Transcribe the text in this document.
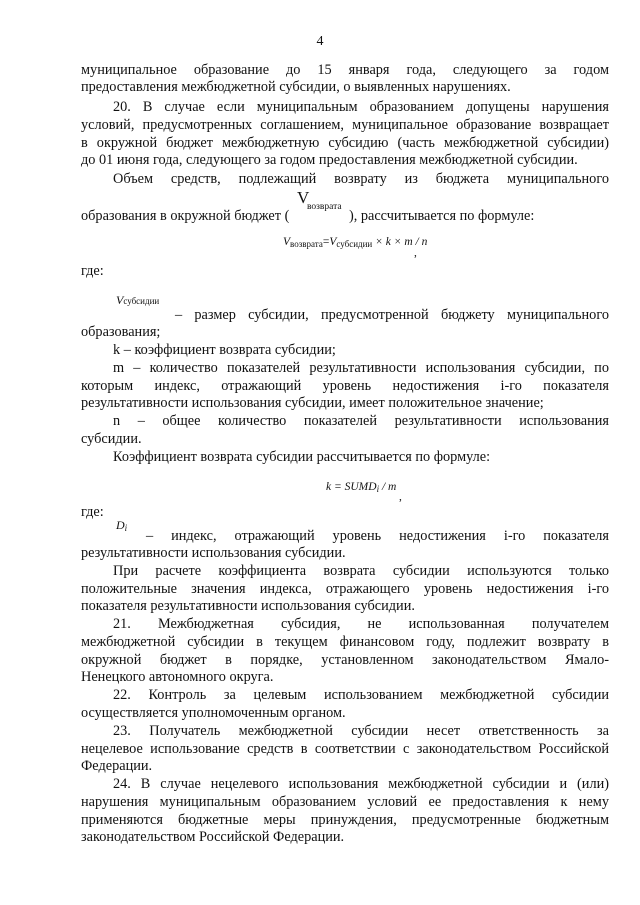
4
муниципальное образование до 15 января года, следующего за годом
предоставления межбюджетной субсидии, о выявленных нарушениях.
20. В случае если муниципальным образованием допущены нарушения
условий, предусмотренных соглашением, муниципальное образование возвращает
в окружной бюджет межбюджетную субсидию (часть межбюджетной субсидии)
до 01 июня года, следующего за годом предоставления межбюджетной субсидии.
Объем средств, подлежащий возврату из бюджета муниципального
образования в окружной бюджет (
V
возврата
), рассчитывается по формуле:
$V_{возврата}=V_{субсидии} \times k \times m / n$
,
где:
Vсубсидии
– размер субсидии, предусмотренной бюджету муниципального
образования;
k – коэффициент возврата субсидии;
m – количество показателей результативности использования субсидии, по
которым индекс, отражающий уровень недостижения i-го показателя
результативности использования субсидии, имеет положительное значение;
n – общее количество показателей результативности использования
субсидии.
Коэффициент возврата субсидии рассчитывается по формуле:
$k = SUMD_i / m$
,
где:
$D_i$ – индекс, отражающий уровень недостижения i-го показателя
результативности использования субсидии.
При расчете коэффициента возврата субсидии используются только
положительные значения индекса, отражающего уровень недостижения i-го
показателя результативности использования субсидии.
21. Межбюджетная субсидия, не использованная получателем
межбюджетной субсидии в текущем финансовом году, подлежит возврату в
окружной бюджет в порядке, установленном законодательством Ямало-
Ненецкого автономного округа.
22. Контроль за целевым использованием межбюджетной субсидии
осуществляется уполномоченным органом.
23. Получатель межбюджетной субсидии несет ответственность за
нецелевое использование средств в соответствии с законодательством Российской
Федерации.
24. В случае нецелевого использования межбюджетной субсидии и (или)
нарушения муниципальным образованием условий ее предоставления к нему
применяются бюджетные меры принуждения, предусмотренные бюджетным
законодательством Российской Федерации.
